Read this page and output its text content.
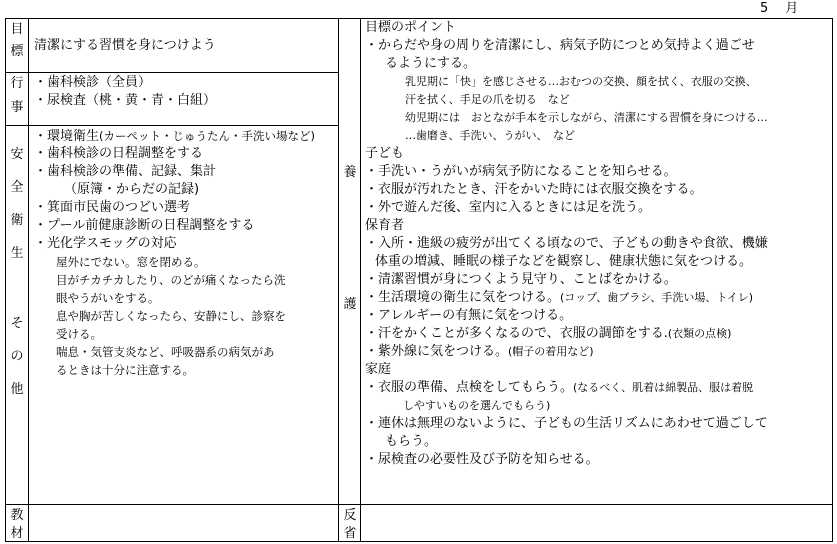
5　月
目
標
行
事
安
全
衛
生
そ
の
他
教
材
養
護
反
省
清潔にする習慣を身につけよう
・歯科検診（全員）
・尿検査（桃・黄・青・白組）
・環境衛生(カーペット・じゅうたん・手洗い場など)
・歯科検診の日程調整をする
・歯科検診の準備、記録、集計
（原簿・からだの記録)
・箕面市民歯のつどい選考
・プール前健康診断の日程調整をする
・光化学スモッグの対応
屋外にでない。窓を閉める。
目がチカチカしたり、のどが痛くなったら洗
眼やうがいをする。
息や胸が苦しくなったら、安静にし、診察を
受ける。
喘息・気管支炎など、呼吸器系の病気があ
るときは十分に注意する。
目標のポイント
・からだや身の周りを清潔にし、病気予防につとめ気持よく過ごせ
るようにする。
乳児期に「快」を感じさせる…おむつの交換、顔を拭く、衣服の交換、
汗を拭く、手足の爪を切る　など
幼児期には　おとなが手本を示しながら、清潔にする習慣を身につける…
…歯磨き、手洗い、うがい、　など
子ども
・手洗い・うがいが病気予防になることを知らせる。
・衣服が汚れたとき、汗をかいた時には衣服交換をする。
・外で遊んだ後、室内に入るときには足を洗う。
保育者
・入所・進級の疲労が出てくる頃なので、子どもの動きや食欲、機嫌
体重の増減、睡眠の様子などを観察し、健康状態に気をつける。
・清潔習慣が身につくよう見守り、ことばをかける。
・生活環境の衛生に気をつける。(コップ、歯ブラシ、手洗い場、トイレ)
・アレルギーの有無に気をつける。
・汗をかくことが多くなるので、衣服の調節をする.(衣類の点検)
・紫外線に気をつける。(帽子の着用など)
家庭
・衣服の準備、点検をしてもらう。(なるべく、肌着は綿製品、服は着脱
しやすいものを選んでもらう)
・連休は無理のないように、子どもの生活リズムにあわせて過ごして
もらう。
・尿検査の必要性及び予防を知らせる。
